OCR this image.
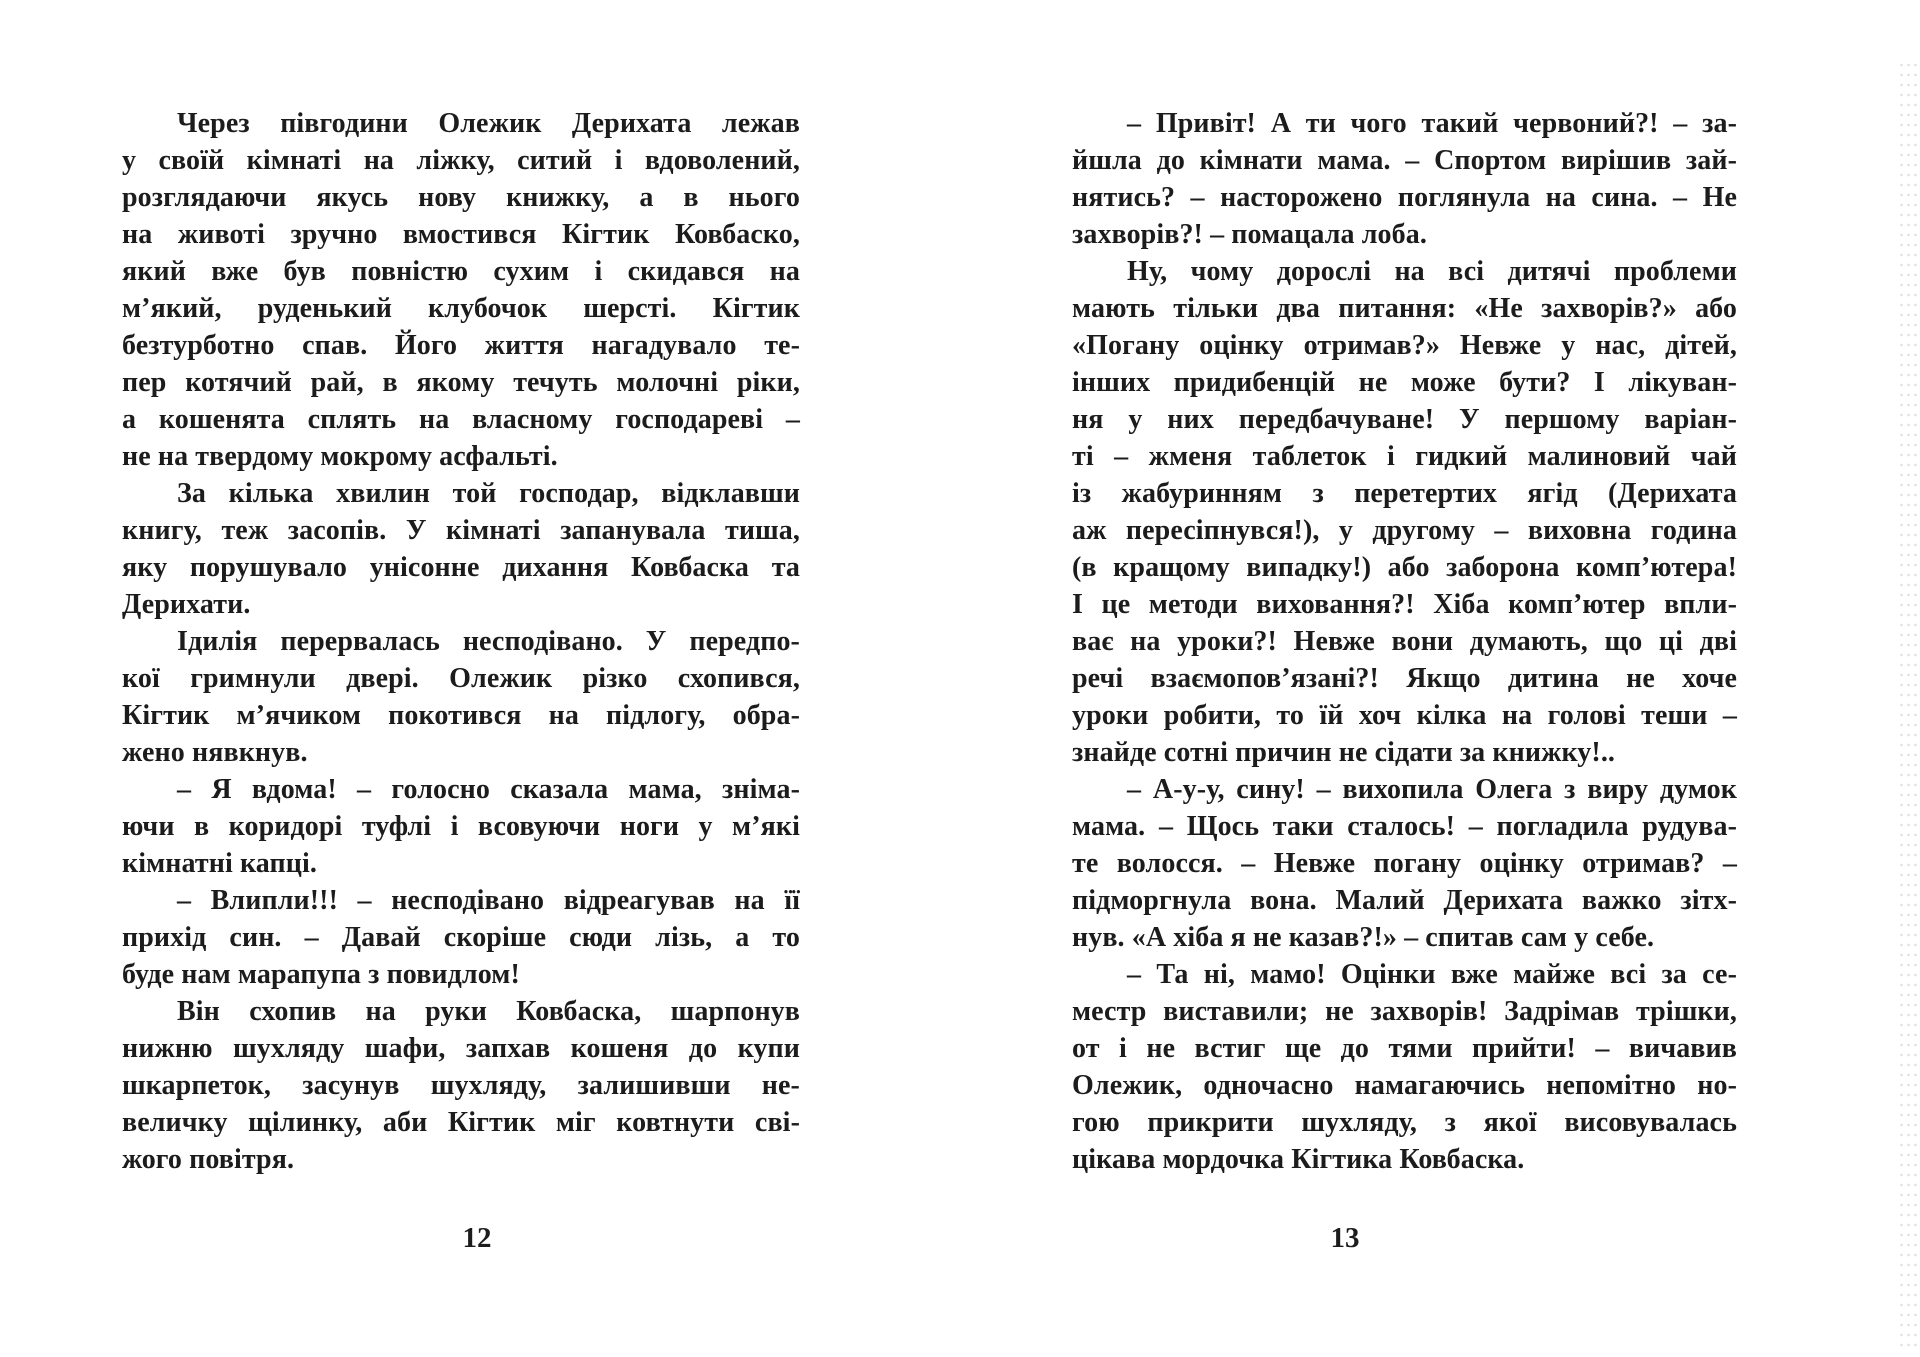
Через півгодини Олежик Дерихата лежав
у своїй кімнаті на ліжку, ситий і вдоволений,
розглядаючи якусь нову книжку, а в нього
на животі зручно вмостився Кігтик Ковбаско,
який вже був повністю сухим і скидався на
м’який, руденький клубочок шерсті. Кігтик
безтурботно спав. Його життя нагадувало те-
пер котячий рай, в якому течуть молочні ріки,
а кошенята сплять на власному господареві –
не на твердому мокрому асфальті.
За кілька хвилин той господар, відклавши
книгу, теж засопів. У кімнаті запанувала тиша,
яку порушувало унісонне дихання Ковбаска та
Дерихати.
Ідилія перервалась несподівано. У передпо-
кої гримнули двері. Олежик різко схопився,
Кігтик м’ячиком покотився на підлогу, обра-
жено нявкнув.
– Я вдома! – голосно сказала мама, зніма-
ючи в коридорі туфлі і всовуючи ноги у м’які
кімнатні капці.
– Влипли!!! – несподівано відреагував на її
прихід син. – Давай скоріше сюди лізь, а то
буде нам марапупа з повидлом!
Він схопив на руки Ковбаска, шарпонув
нижню шухляду шафи, запхав кошеня до купи
шкарпеток, засунув шухляду, залишивши не-
величку щілинку, аби Кігтик міг ковтнути сві-
жого повітря.
– Привіт! А ти чого такий червоний?! – за-
йшла до кімнати мама. – Спортом вирішив зай-
нятись? – насторожено поглянула на сина. – Не
захворів?! – помацала лоба.
Ну, чому дорослі на всі дитячі проблеми
мають тільки два питання: «Не захворів?» або
«Погану оцінку отримав?» Невже у нас, дітей,
інших придибенцій не може бути? І лікуван-
ня у них передбачуване! У першому варіан-
ті – жменя таблеток і гидкий малиновий чай
із жабуринням з перетертих ягід (Дерихата
аж пересіпнувся!), у другому – виховна година
(в кращому випадку!) або заборона комп’ютера!
І це методи виховання?! Хіба комп’ютер впли-
ває на уроки?! Невже вони думають, що ці дві
речі взаємопов’язані?! Якщо дитина не хоче
уроки робити, то їй хоч кілка на голові теши –
знайде сотні причин не сідати за книжку!..
– А-у-у, сину! – вихопила Олега з виру думок
мама. – Щось таки сталось! – погладила рудува-
те волосся. – Невже погану оцінку отримав? –
підморгнула вона. Малий Дерихата важко зітх-
нув. «А хіба я не казав?!» – спитав сам у себе.
– Та ні, мамо! Оцінки вже майже всі за се-
местр виставили; не захворів! Задрімав трішки,
от і не встиг ще до тями прийти! – вичавив
Олежик, одночасно намагаючись непомітно но-
гою прикрити шухляду, з якої висовувалась
цікава мордочка Кігтика Ковбаска.
12	13
